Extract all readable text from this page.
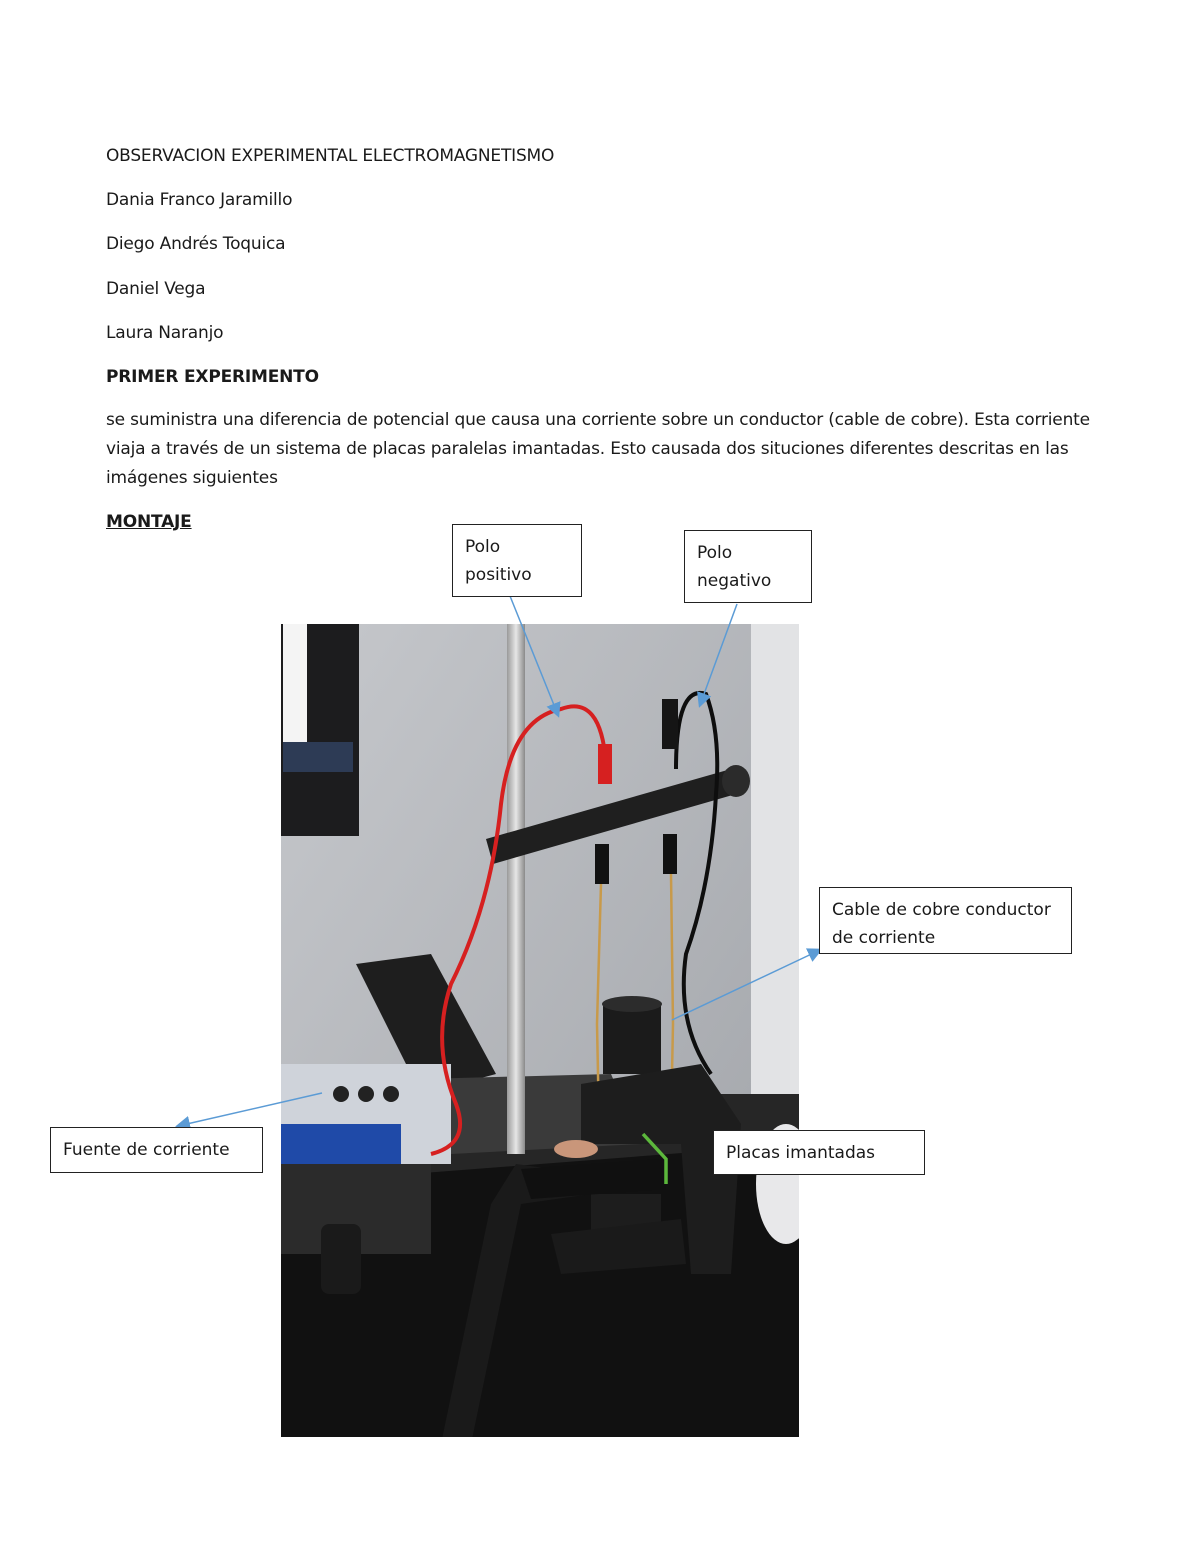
OBSERVACION EXPERIMENTAL ELECTROMAGNETISMO
Dania Franco Jaramillo
Diego Andrés Toquica
Daniel Vega
Laura Naranjo
PRIMER EXPERIMENTO
se suministra una diferencia de potencial que causa una corriente sobre un conductor (cable de cobre). Esta corriente viaja a través de un sistema de placas paralelas imantadas. Esto causada dos situciones diferentes descritas en las imágenes siguientes
MONTAJE
Polo positivo
Polo negativo
Cable de cobre conductor de corriente
Fuente de corriente	Placas imantadas
